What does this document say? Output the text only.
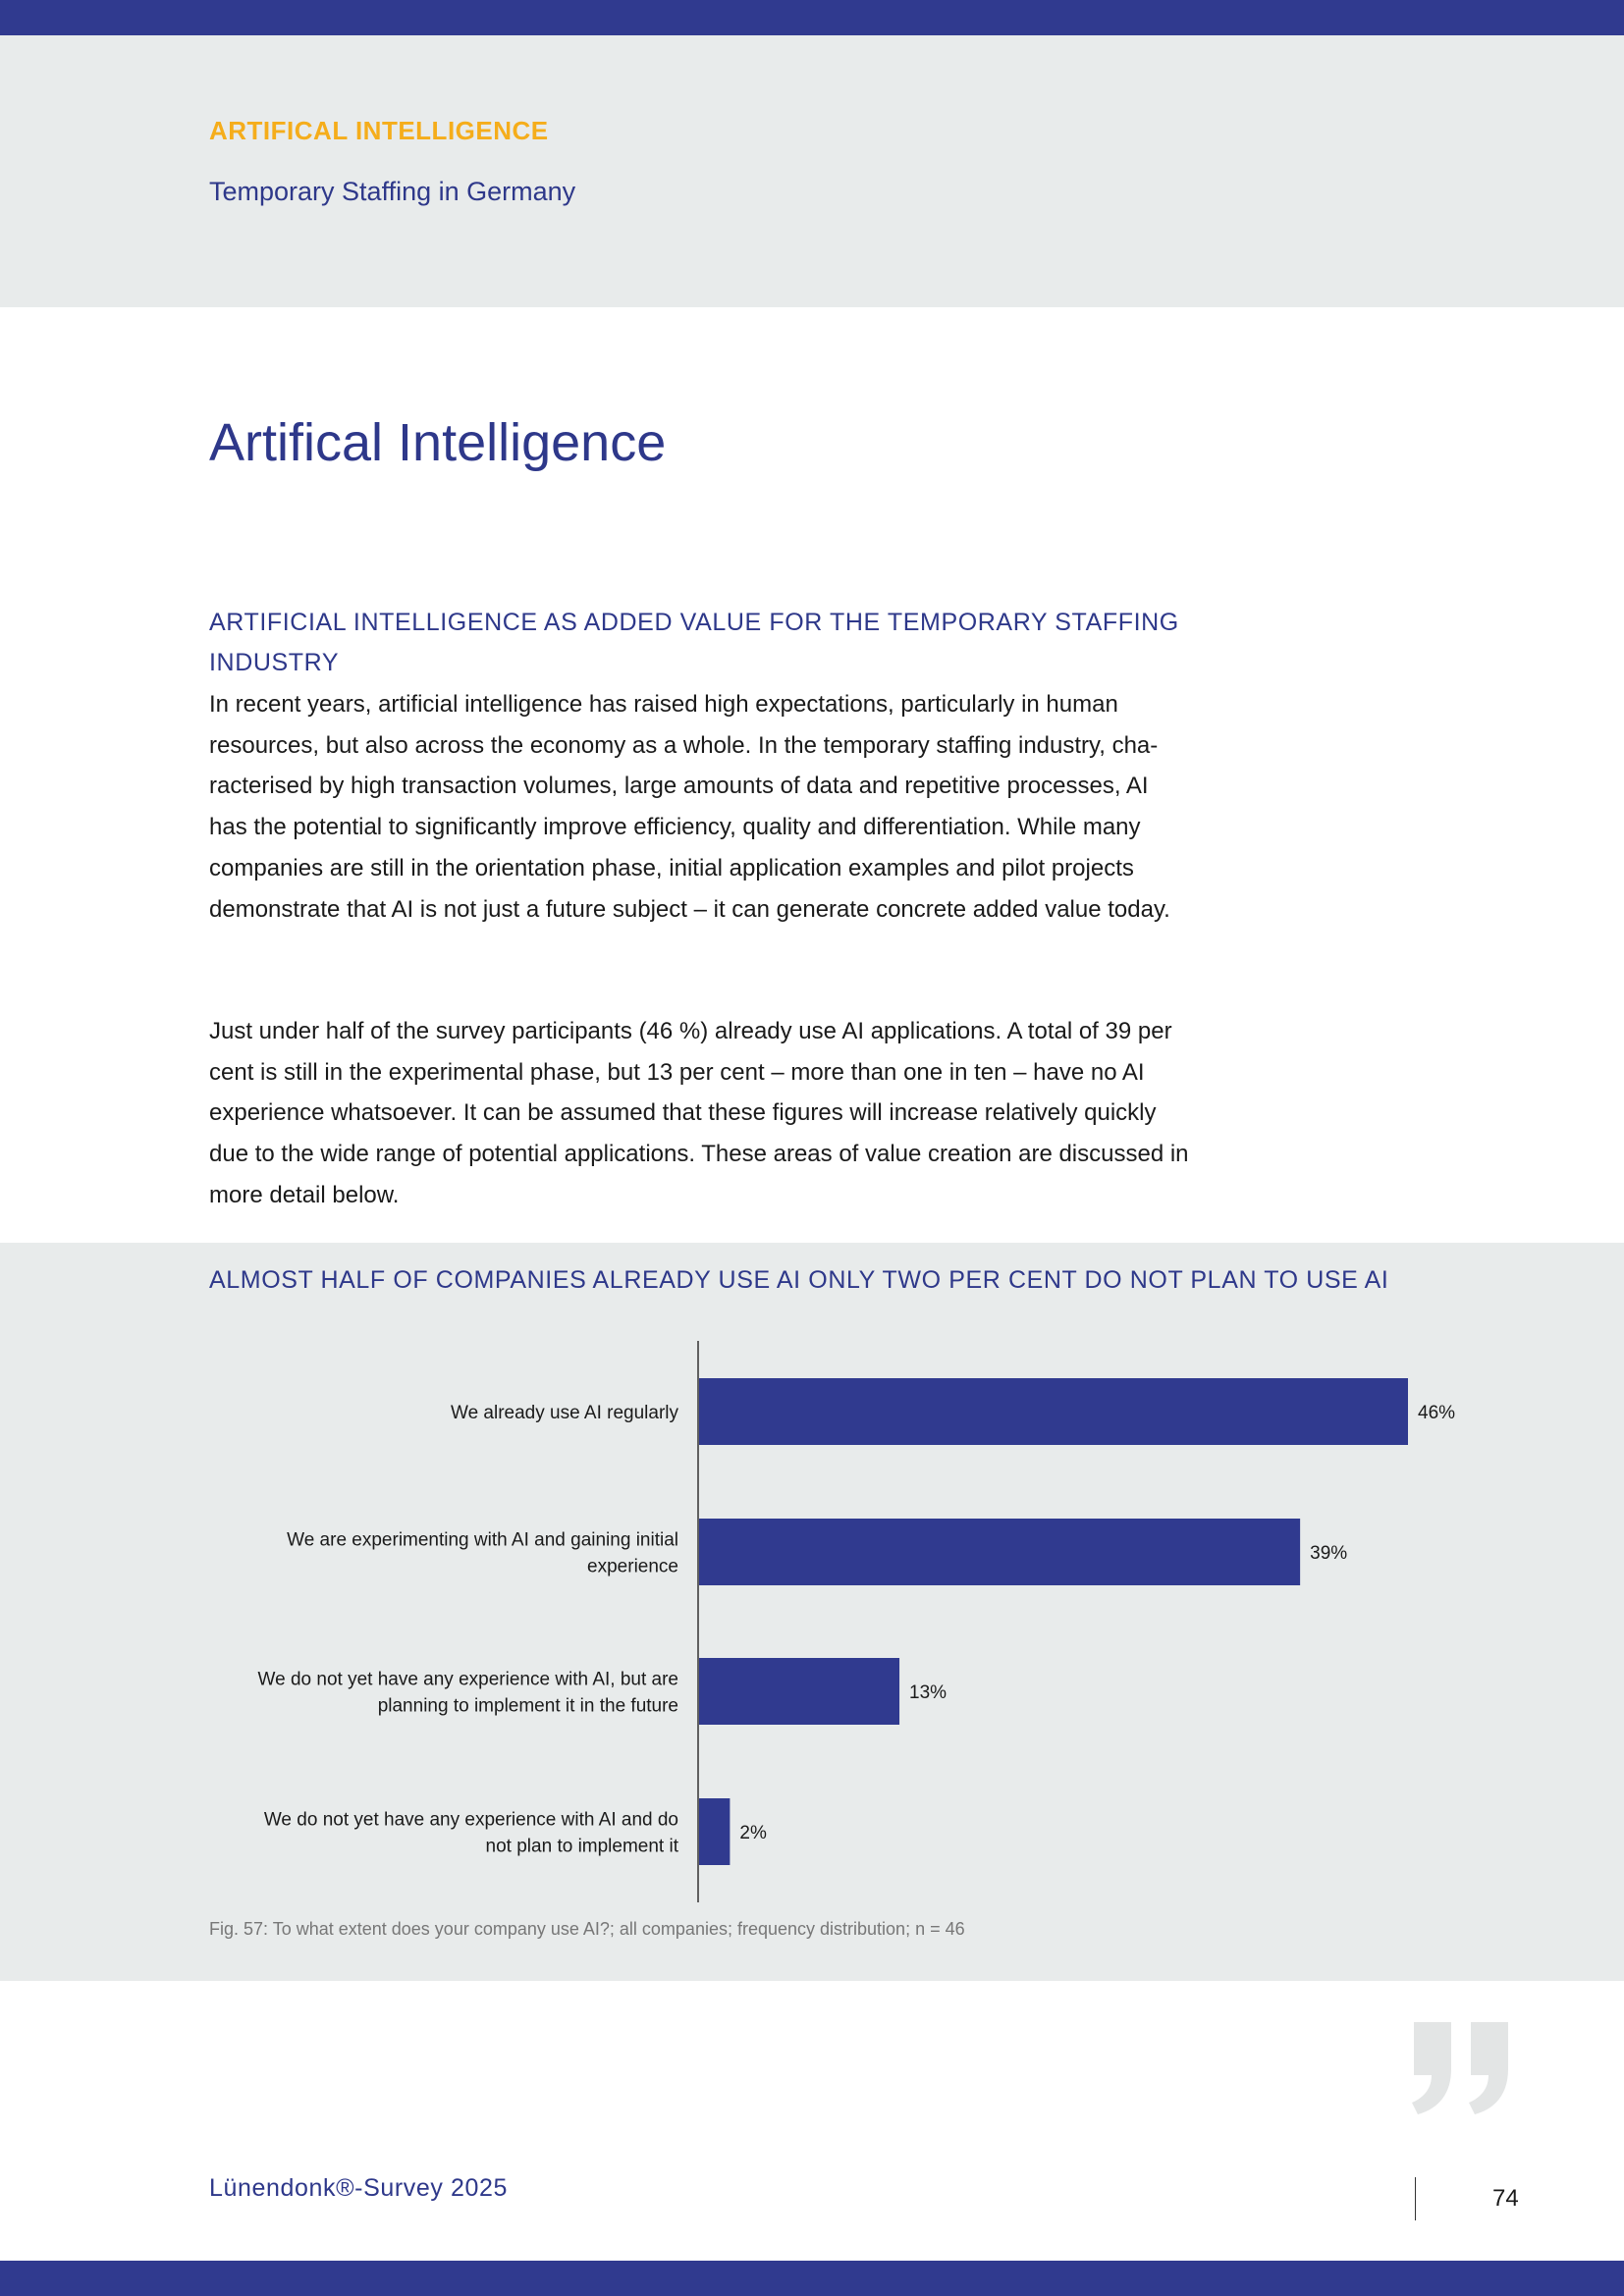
ARTIFICAL INTELLIGENCE
Temporary Staffing in Germany
Artifical Intelligence
ARTIFICIAL INTELLIGENCE AS ADDED VALUE FOR THE TEMPORARY STAFFING INDUSTRY

In recent years, artificial intelligence has raised high expectations, particularly in human resources, but also across the economy as a whole. In the temporary staffing industry, characterised by high transaction volumes, large amounts of data and repetitive processes, AI has the potential to significantly improve efficiency, quality and differentiation. While many companies are still in the orientation phase, initial application examples and pilot projects demonstrate that AI is not just a future subject – it can generate concrete added value today.

Just under half of the survey participants (46 %) already use AI applications. A total of 39 per cent is still in the experimental phase, but 13 per cent – more than one in ten – have no AI experience whatsoever. It can be assumed that these figures will increase relatively quickly due to the wide range of potential applications. These areas of value creation are discussed in more detail below.

ALMOST HALF OF COMPANIES ALREADY USE AI ONLY TWO PER CENT DO NOT PLAN TO USE AI
46%
We already use AI regularly
39%
We are experimenting with AI and gaining initial experience
13%
We do not yet have any experience with AI, but are planning to implement it in the future
2%
We do not yet have any experience with AI and do not plan to implement it
Fig. 57: To what extent does your company use AI?; all companies; frequency distribution; n = 46
Lünendonk®-Survey 2025	74
